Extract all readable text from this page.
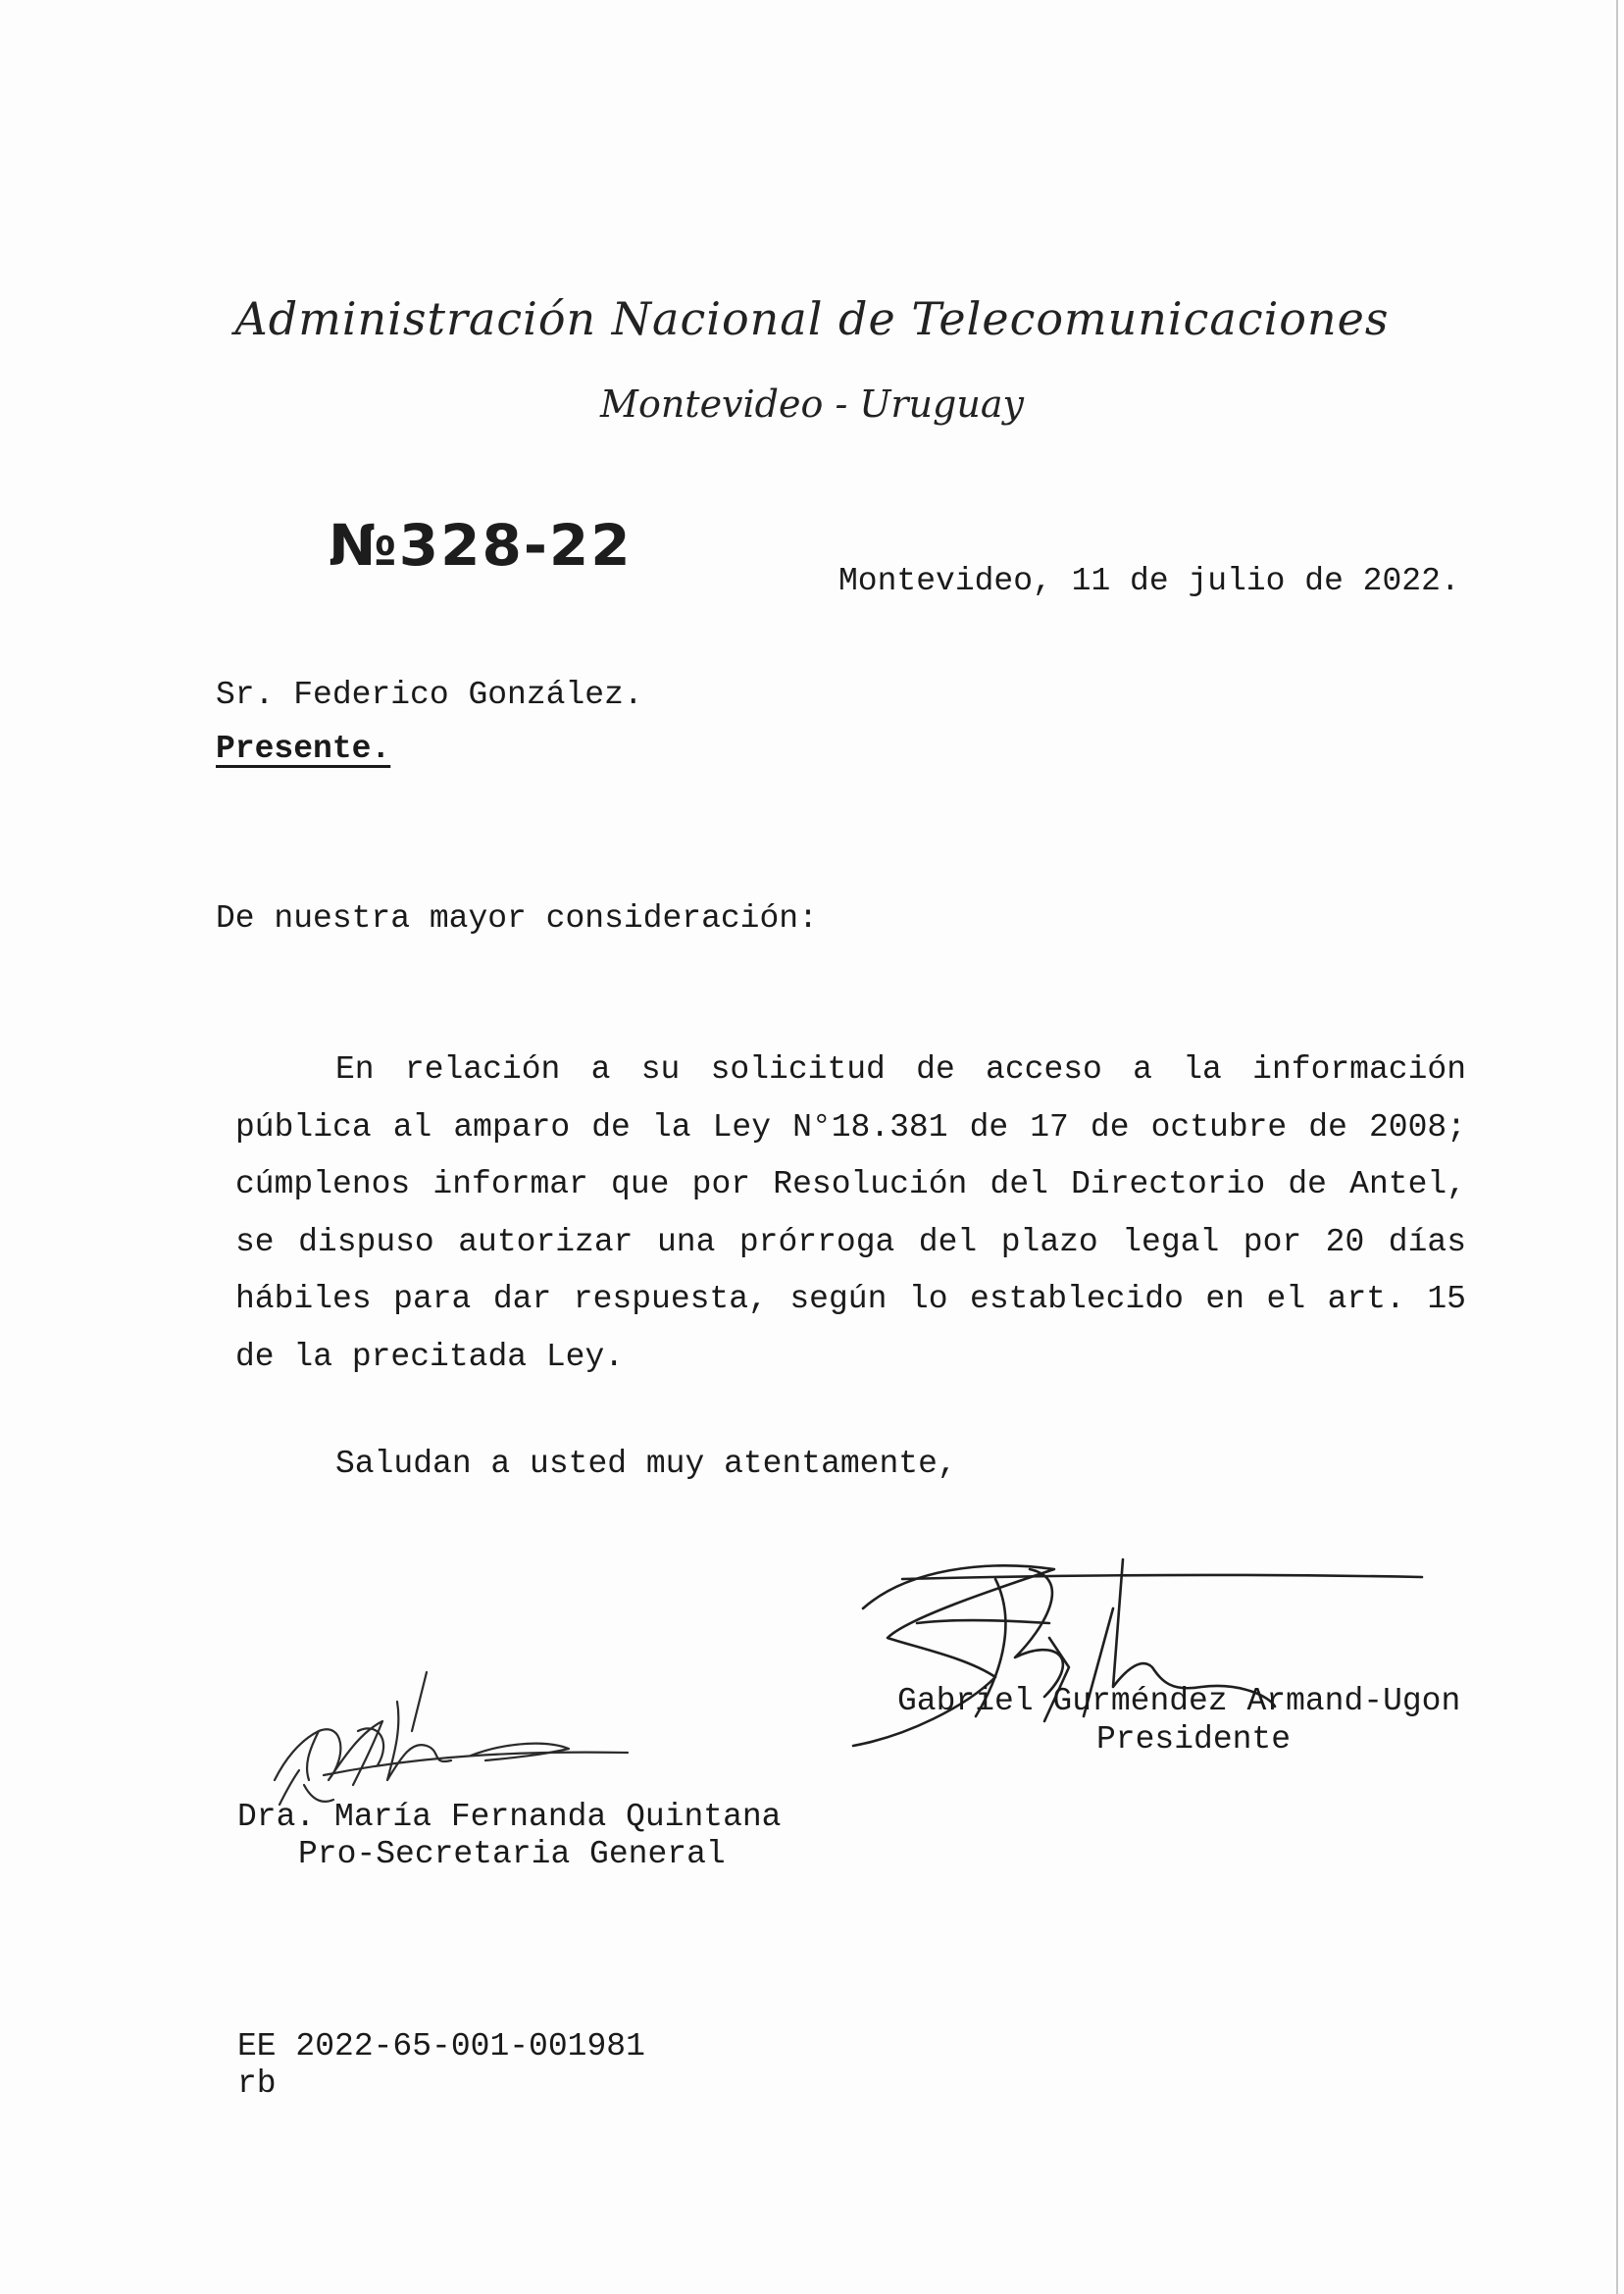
Administración Nacional de Telecomunicaciones
Montevideo - Uruguay
№328-22
Montevideo, 11 de julio de 2022.
Sr. Federico González.
Presente.
De nuestra mayor consideración:
En relación a su solicitud de acceso a la información pública al amparo de la Ley N°18.381 de 17 de octubre de 2008; cúmplenos informar que por Resolución del Directorio de Antel, se dispuso autorizar una prórroga del plazo legal por 20 días hábiles para dar respuesta, según lo establecido en el art. 15 de la precitada Ley.
Saludan a usted muy atentamente,
Gabriel Gurméndez Armand-Ugon
Presidente
Dra. María Fernanda Quintana
Pro-Secretaria General
EE 2022-65-001-001981
rb
